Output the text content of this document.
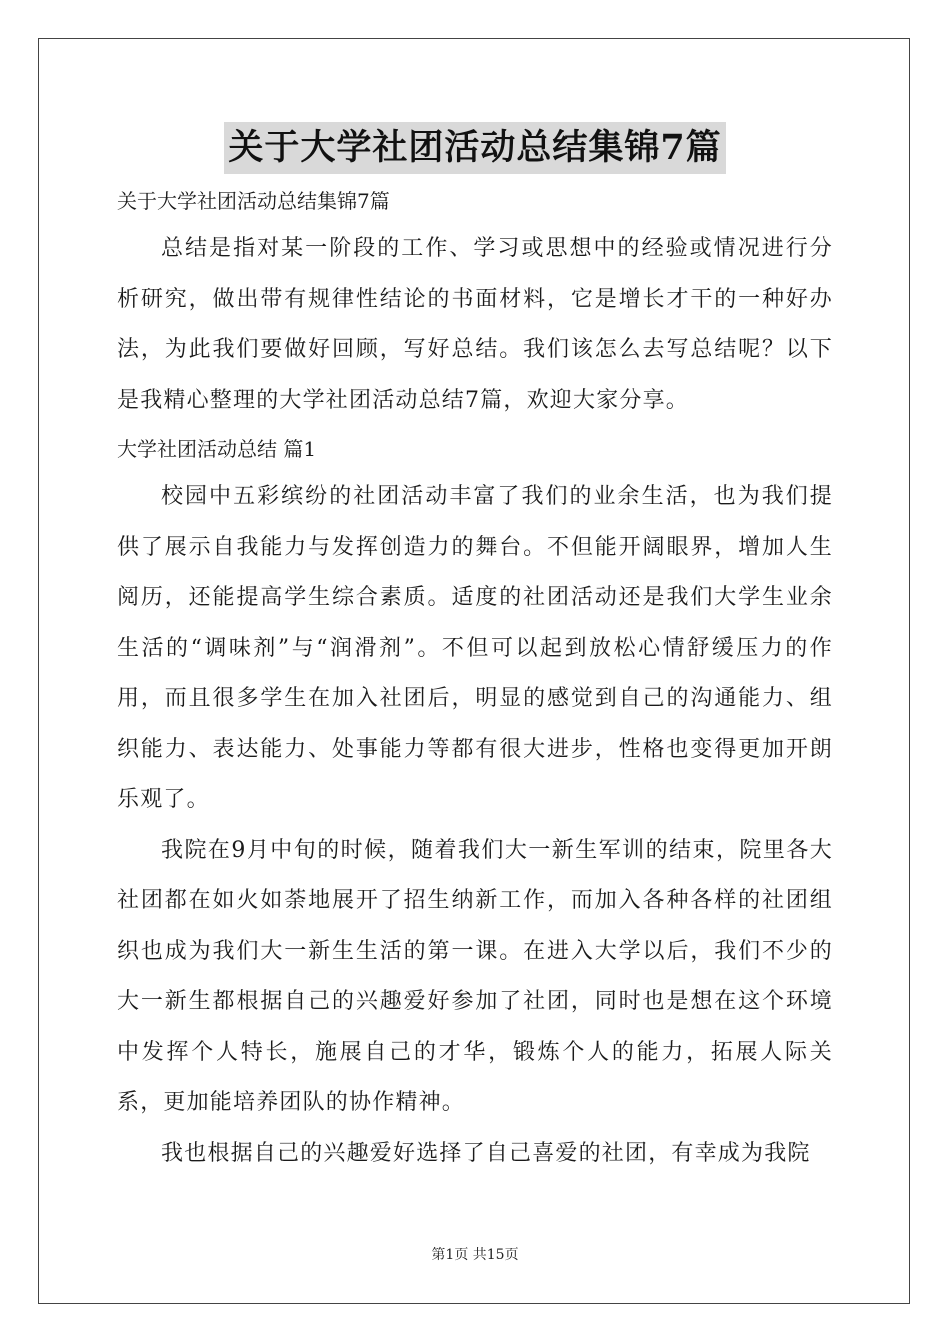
关于大学社团活动总结集锦7篇

关于大学社团活动总结集锦7篇

总结是指对某一阶段的工作、学习或思想中的经验或情况进行分析研究，做出带有规律性结论的书面材料，它是增长才干的一种好办法，为此我们要做好回顾，写好总结。我们该怎么去写总结呢？以下是我精心整理的大学社团活动总结7篇，欢迎大家分享。

大学社团活动总结 篇1

校园中五彩缤纷的社团活动丰富了我们的业余生活，也为我们提供了展示自我能力与发挥创造力的舞台。不但能开阔眼界，增加人生阅历，还能提高学生综合素质。适度的社团活动还是我们大学生业余生活的“调味剂”与“润滑剂”。不但可以起到放松心情舒缓压力的作用，而且很多学生在加入社团后，明显的感觉到自己的沟通能力、组织能力、表达能力、处事能力等都有很大进步，性格也变得更加开朗乐观了。

我院在9月中旬的时候，随着我们大一新生军训的结束，院里各大社团都在如火如荼地展开了招生纳新工作，而加入各种各样的社团组织也成为我们大一新生生活的第一课。在进入大学以后，我们不少的大一新生都根据自己的兴趣爱好参加了社团，同时也是想在这个环境中发挥个人特长，施展自己的才华，锻炼个人的能力，拓展人际关系，更加能培养团队的协作精神。

我也根据自己的兴趣爱好选择了自己喜爱的社团，有幸成为我院

第1页 共15页
